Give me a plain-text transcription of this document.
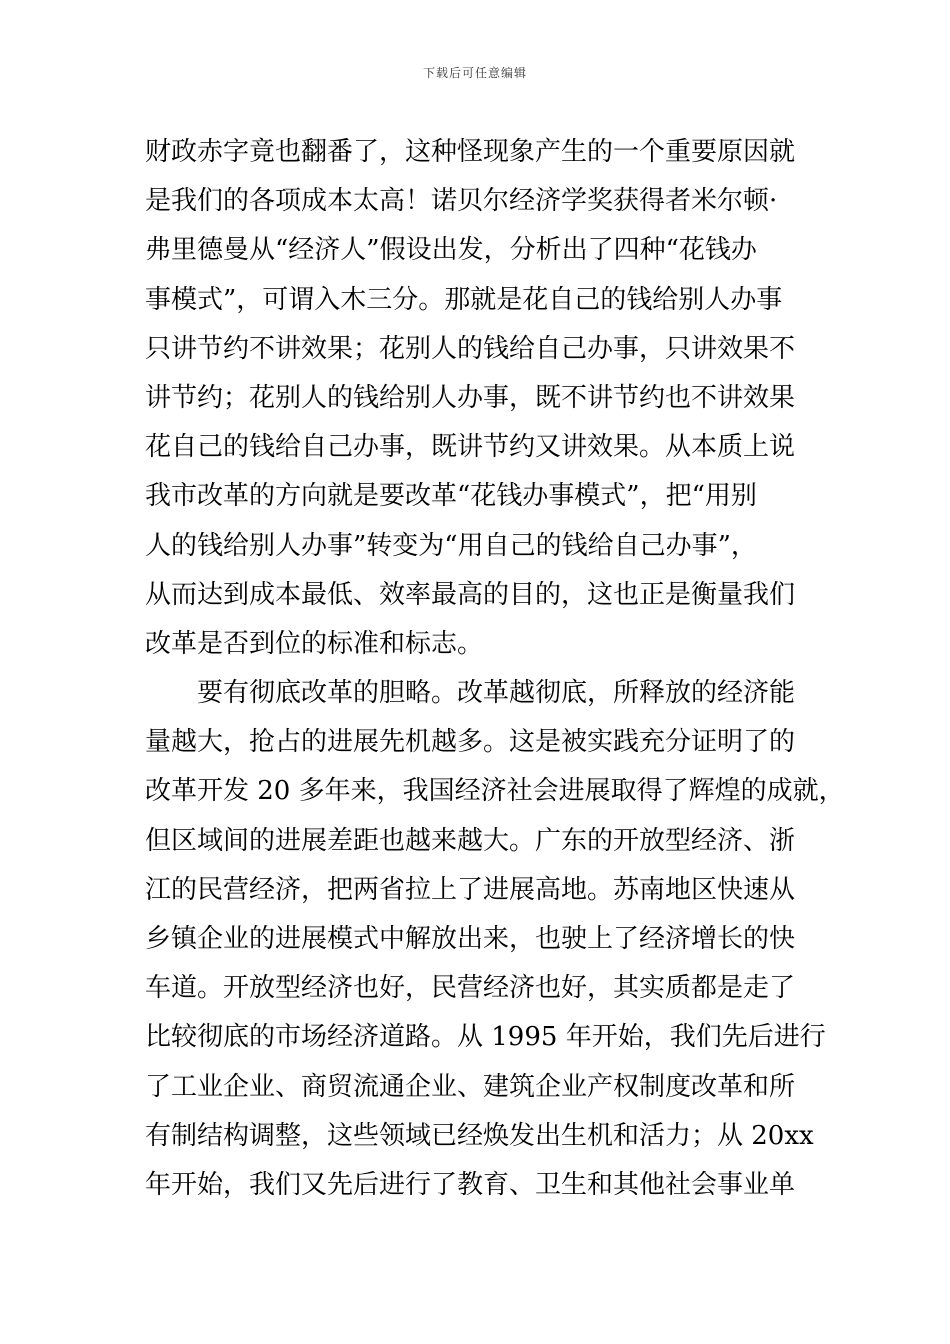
下载后可任意编辑
财政赤字竟也翻番了，这种怪现象产生的一个重要原因就
是我们的各项成本太高！诺贝尔经济学奖获得者米尔顿·
弗里德曼从“经济人”假设出发，分析出了四种“花钱办
事模式”，可谓入木三分。那就是花自己的钱给别人办事
只讲节约不讲效果；花别人的钱给自己办事，只讲效果不
讲节约；花别人的钱给别人办事，既不讲节约也不讲效果
花自己的钱给自己办事，既讲节约又讲效果。从本质上说
我市改革的方向就是要改革“花钱办事模式”，把“用别
人的钱给别人办事”转变为“用自己的钱给自己办事”，
从而达到成本最低、效率最高的目的，这也正是衡量我们
改革是否到位的标准和标志。
要有彻底改革的胆略。改革越彻底，所释放的经济能
量越大，抢占的进展先机越多。这是被实践充分证明了的
改革开发 20 多年来，我国经济社会进展取得了辉煌的成就，
但区域间的进展差距也越来越大。广东的开放型经济、浙
江的民营经济，把两省拉上了进展高地。苏南地区快速从
乡镇企业的进展模式中解放出来，也驶上了经济增长的快
车道。开放型经济也好，民营经济也好，其实质都是走了
比较彻底的市场经济道路。从 1995 年开始，我们先后进行
了工业企业、商贸流通企业、建筑企业产权制度改革和所
有制结构调整，这些领域已经焕发出生机和活力；从 20xx
年开始，我们又先后进行了教育、卫生和其他社会事业单
